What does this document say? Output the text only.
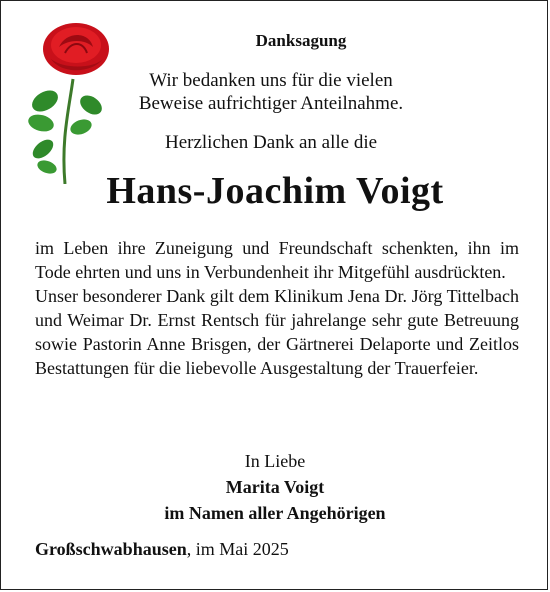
Danksagung
Wir bedanken uns für die vielen
Beweise aufrichtiger Anteilnahme.
Herzlichen Dank an alle die
Hans-Joachim Voigt

im Leben ihre Zuneigung und Freundschaft schenkten, ihn im Tode ehrten und uns in Verbundenheit ihr Mitgefühl ausdrückten.

Unser besonderer Dank gilt dem Klinikum Jena Dr. Jörg Tittelbach und Weimar Dr. Ernst Rentsch für jahrelange sehr gute Betreuung sowie Pastorin Anne Brisgen, der Gärtnerei Delaporte und Zeitlos Bestattungen für die liebevolle Ausgestaltung der Trauerfeier.

In Liebe
Marita Voigt
im Namen aller Angehörigen
Großschwabhausen, im Mai 2025
